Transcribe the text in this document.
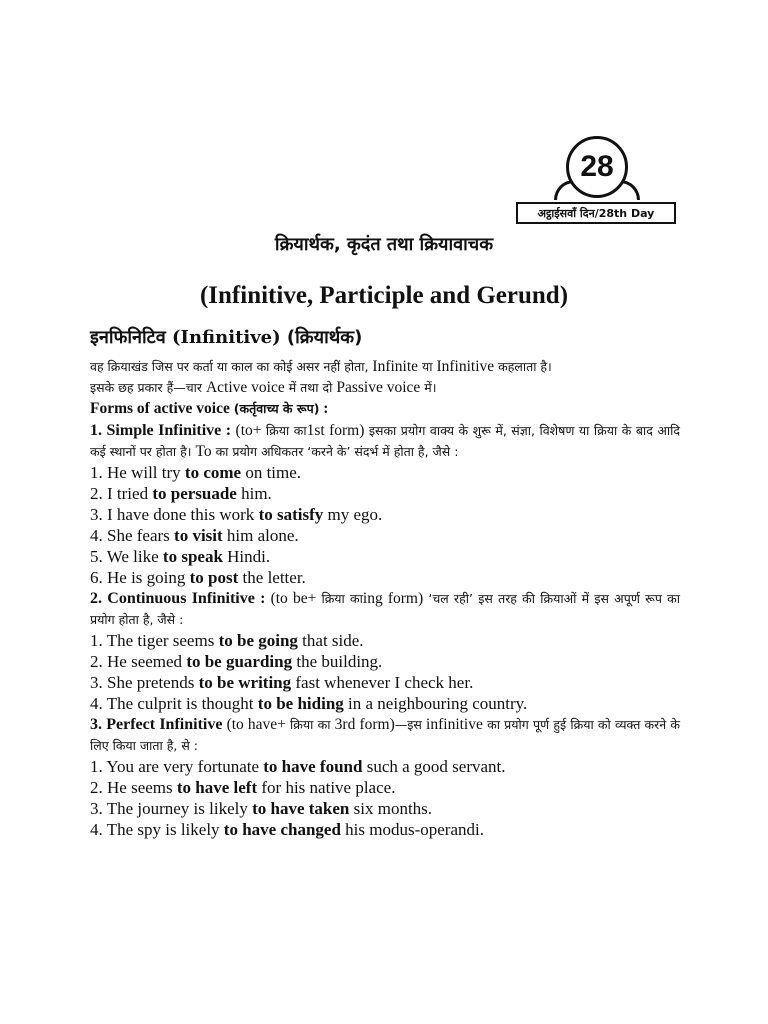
28
अट्ठाईसवाँ दिन/28th Day
क्रियार्थक, कृदंत तथा क्रियावाचक
(Infinitive, Participle and Gerund)
इनफिनिटिव (Infinitive) (क्रियार्थक)

वह क्रियाखंड जिस पर कर्ता या काल का कोई असर नहीं होता, Infinite या Infinitive कहलाता है।

इसके छह प्रकार हैं—चार Active voice में तथा दो Passive voice में।

Forms of active voice (कर्तृवाच्य के रूप) :

1. Simple Infinitive : (to+ क्रिया का1st form) इसका प्रयोग वाक्य के शुरू में, संज्ञा, विशेषण या क्रिया के बाद आदि कई स्थानों पर होता है। To का प्रयोग अधिकतर ‘करने के’ संदर्भ में होता है, जैसे :

1. He will try to come on time.

2. I tried to persuade him.

3. I have done this work to satisfy my ego.

4. She fears to visit him alone.

5. We like to speak Hindi.

6. He is going to post the letter.

2. Continuous Infinitive : (to be+ क्रिया काing form) ‘चल रही’ इस तरह की क्रियाओं में इस अपूर्ण रूप का प्रयोग होता है, जैसे :

1. The tiger seems to be going that side.

2. He seemed to be guarding the building.

3. She pretends to be writing fast whenever I check her.

4. The culprit is thought to be hiding in a neighbouring country.

3. Perfect Infinitive (to have+ क्रिया का 3rd form)—इस infinitive का प्रयोग पूर्ण हुई क्रिया को व्यक्त करने के लिए किया जाता है, से :

1. You are very fortunate to have found such a good servant.

2. He seems to have left for his native place.

3. The journey is likely to have taken six months.

4. The spy is likely to have changed his modus-operandi.
